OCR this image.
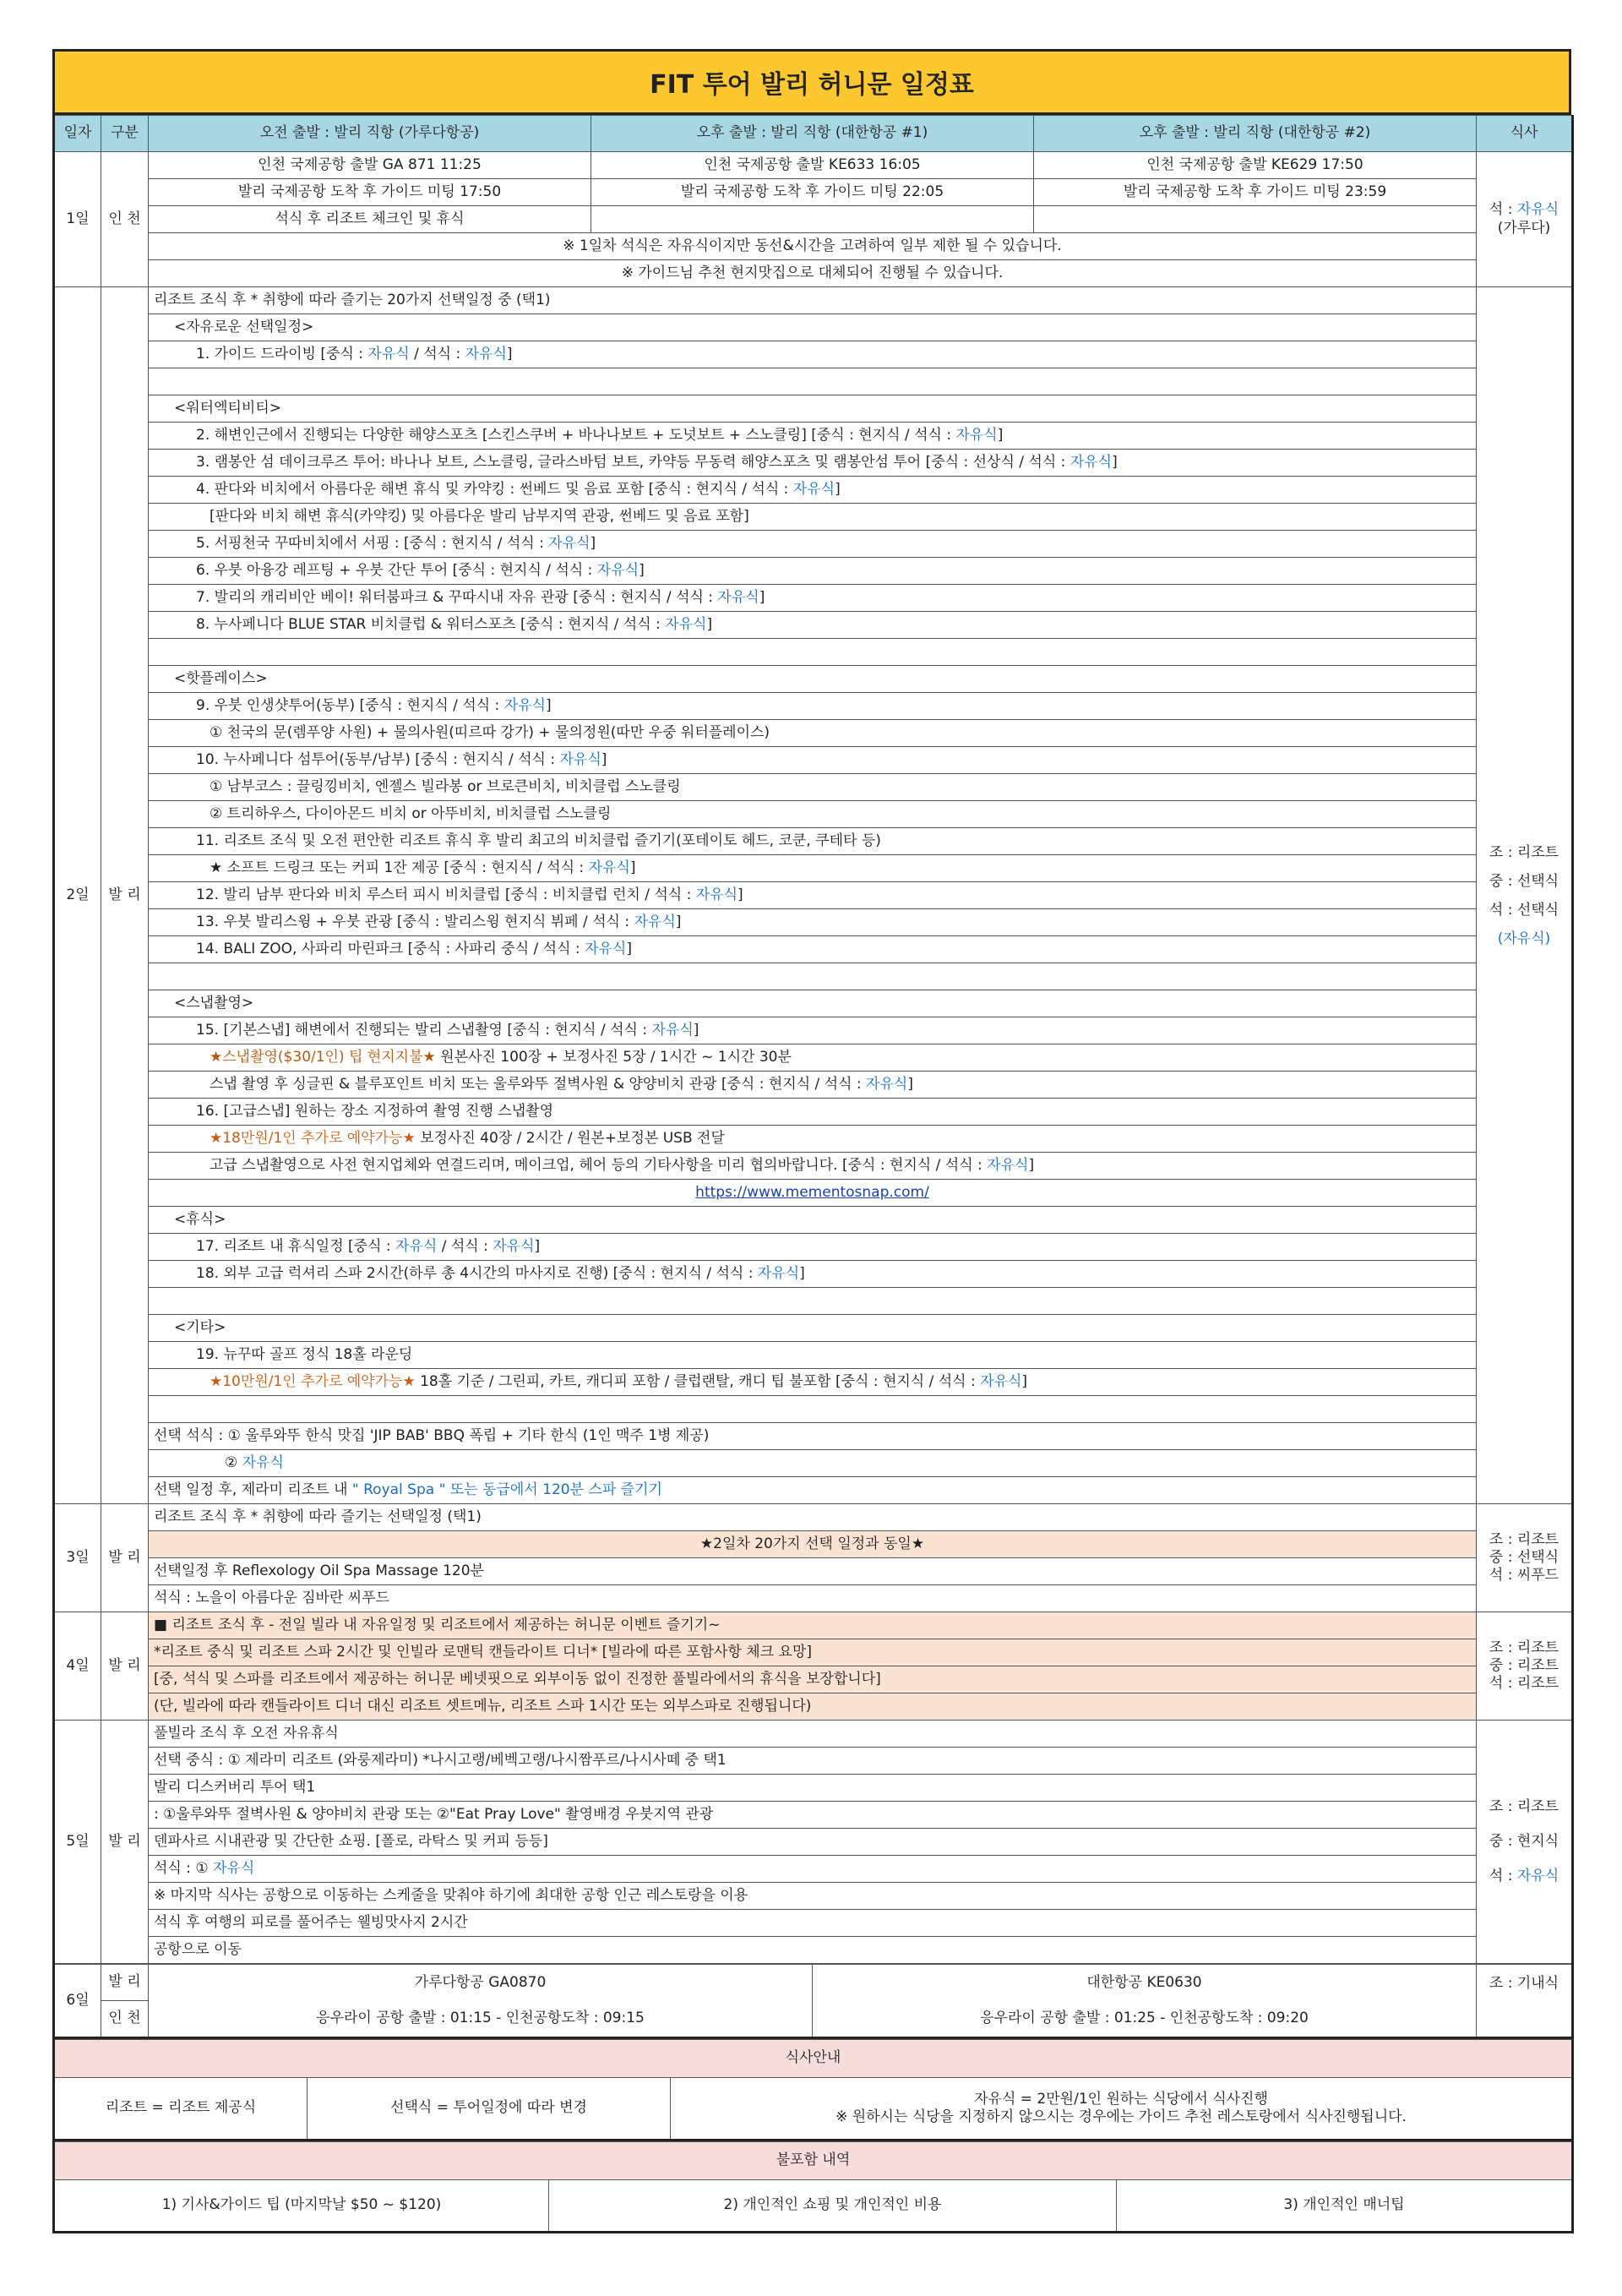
FIT 투어 발리 허니문 일정표
일자	구분	오전 출발 : 발리 직항 (가루다항공)	오후 출발 : 발리 직항 (대한항공 #1)	오후 출발 : 발리 직항 (대한항공 #2)	식사
1일	인 천	인천 국제공항 출발 GA 871 11:25	인천 국제공항 출발 KE633 16:05	인천 국제공항 출발 KE629 17:50	석 : 자유식
(가루다)
		발리 국제공항 도착 후 가이드 미팅 17:50	발리 국제공항 도착 후 가이드 미팅 22:05	발리 국제공항 도착 후 가이드 미팅 23:59	
		석식 후 리조트 체크인 및 휴식			
		※ 1일차 석식은 자유식이지만 동선&시간을 고려하여 일부 제한 될 수 있습니다.			
		※ 가이드님 추천 현지맛집으로 대체되어 진행될 수 있습니다.			
2일	발 리	리조트 조식 후 * 취향에 따라 즐기는 20가지 선택일정 중 (택1)			조 : 리조트
중 : 선택식
석 : 선택식
(자유식)
		<자유로운 선택일정>			
		1. 가이드 드라이빙 [중식 : 자유식 / 석식 : 자유식]			

		<워터엑티비티>			
		2. 해변인근에서 진행되는 다양한 해양스포츠 [스킨스쿠버 + 바나나보트 + 도넛보트 + 스노클링] [중식 : 현지식 / 석식 : 자유식]			
		3. 램봉안 섬 데이크루즈 투어: 바나나 보트, 스노클링, 글라스바텀 보트, 카약등 무동력 해양스포츠 및 램봉안섬 투어 [중식 : 선상식 / 석식 : 자유식]			
		4. 판다와 비치에서 아름다운 해변 휴식 및 카약킹 : 썬베드 및 음료 포함 [중식 : 현지식 / 석식 : 자유식]			
		[판다와 비치 해변 휴식(카약킹) 및 아름다운 발리 남부지역 관광, 썬베드 및 음료 포함]			
		5. 서핑천국 꾸따비치에서 서핑 : [중식 : 현지식 / 석식 : 자유식]			
		6. 우붓 아융강 레프팅 + 우붓 간단 투어 [중식 : 현지식 / 석식 : 자유식]			
		7. 발리의 캐리비안 베이! 워터붐파크 & 꾸따시내 자유 관광 [중식 : 현지식 / 석식 : 자유식]			
		8. 누사페니다 BLUE STAR 비치클럽 & 워터스포츠 [중식 : 현지식 / 석식 : 자유식]			

		<핫플레이스>			
		9. 우붓 인생샷투어(동부) [중식 : 현지식 / 석식 : 자유식]			
		① 천국의 문(렘푸양 사원) + 물의사원(띠르따 강가) + 물의정원(따만 우중 워터플레이스)			
		10. 누사페니다 섬투어(동부/남부) [중식 : 현지식 / 석식 : 자유식]			
		① 남부코스 : 끌링낑비치, 엔젤스 빌라봉 or 브로큰비치, 비치클럽 스노클링			
		② 트리하우스, 다이아몬드 비치 or 아뚜비치, 비치클럽 스노클링			
		11. 리조트 조식 및 오전 편안한 리조트 휴식 후 발리 최고의 비치클럽 즐기기(포테이토 헤드, 코쿤, 쿠테타 등)			
		★ 소프트 드링크 또는 커피 1잔 제공 [중식 : 현지식 / 석식 : 자유식]			
		12. 발리 남부 판다와 비치 루스터 피시 비치클럽 [중식 : 비치클럽 런치 / 석식 : 자유식]			
		13. 우붓 발리스윙 + 우붓 관광 [중식 : 발리스윙 현지식 뷔페 / 석식 : 자유식]			
		14. BALI ZOO, 사파리 마린파크 [중식 : 사파리 중식 / 석식 : 자유식]			

		<스냅촬영>			
		15. [기본스냅] 해변에서 진행되는 발리 스냅촬영 [중식 : 현지식 / 석식 : 자유식]			
		★스냅촬영($30/1인) 팁 현지지불★ 원본사진 100장 + 보정사진 5장 / 1시간 ~ 1시간 30분			
		스냅 촬영 후 싱글핀 & 블루포인트 비치 또는 울루와뚜 절벽사원 & 양양비치 관광 [중식 : 현지식 / 석식 : 자유식]			
		16. [고급스냅] 원하는 장소 지정하여 촬영 진행 스냅촬영			
		★18만원/1인 추가로 예약가능★ 보정사진 40장 / 2시간 / 원본+보정본 USB 전달			
		고급 스냅촬영으로 사전 현지업체와 연결드리며, 메이크업, 헤어 등의 기타사항을 미리 협의바랍니다. [중식 : 현지식 / 석식 : 자유식]			
		https://www.mementosnap.com/			
		<휴식>			
		17. 리조트 내 휴식일정 [중식 : 자유식 / 석식 : 자유식]			
		18. 외부 고급 럭셔리 스파 2시간(하루 총 4시간의 마사지로 진행) [중식 : 현지식 / 석식 : 자유식]			

		<기타>			
		19. 뉴꾸따 골프 정식 18홀 라운딩			
		★10만원/1인 추가로 예약가능★ 18홀 기준 / 그린피, 카트, 캐디피 포함 / 클럽랜탈, 캐디 팁 불포함 [중식 : 현지식 / 석식 : 자유식]			

		선택 석식 : ① 울루와뚜 한식 맛집 'JIP BAB' BBQ 폭립 + 기타 한식 (1인 맥주 1병 제공)			
		② 자유식			
		선택 일정 후, 제라미 리조트 내 " Royal Spa " 또는 동급에서 120분 스파 즐기기			
3일	발 리	리조트 조식 후 * 취향에 따라 즐기는 선택일정 (택1)			조 : 리조트
중 : 선택식
석 : 씨푸드
		★2일차 20가지 선택 일정과 동일★			
		선택일정 후 Reflexology Oil Spa Massage 120분			
		석식 : 노을이 아름다운 짐바란 씨푸드			
4일	발 리	■ 리조트 조식 후 - 전일 빌라 내 자유일정 및 리조트에서 제공하는 허니문 이벤트 즐기기~			조 : 리조트
중 : 리조트
석 : 리조트
		*리조트 중식 및 리조트 스파 2시간 및 인빌라 로맨틱 캔들라이트 디너* [빌라에 따른 포함사항 체크 요망]			
		[중, 석식 및 스파를 리조트에서 제공하는 허니문 베넷핏으로 외부이동 없이 진정한 풀빌라에서의 휴식을 보장합니다]			
		(단, 빌라에 따라 캔들라이트 디너 대신 리조트 셋트메뉴, 리조트 스파 1시간 또는 외부스파로 진행됩니다)			
5일	발 리	풀빌라 조식 후 오전 자유휴식			조 : 리조트
중 : 현지식
석 : 자유식
		선택 중식 : ① 제라미 리조트 (와룽제라미) *나시고랭/베벡고랭/나시짬푸르/나시사떼 중 택1			
		발리 디스커버리 투어 택1			
		: ①울루와뚜 절벽사원 & 양야비치 관광 또는 ②"Eat Pray Love" 촬영배경 우붓지역 관광			
		덴파사르 시내관광 및 간단한 쇼핑. [폴로, 라탁스 및 커피 등등]			
		석식 : ① 자유식			
		※ 마지막 식사는 공항으로 이동하는 스케줄을 맞춰야 하기에 최대한 공항 인근 레스토랑을 이용			
		석식 후 여행의 피로를 풀어주는 웰빙맛사지 2시간			
		공항으로 이동			
6일	발 리	가루다항공 GA0870	대한항공 KE0630	조 : 기내식
	인 천	응우라이 공항 출발 : 01:15 - 인천공항도착 : 09:15	응우라이 공항 출발 : 01:25 - 인천공항도착 : 09:20	
식사안내
리조트 = 리조트 제공식	선택식 = 투어일정에 따라 변경	자유식 = 2만원/1인 원하는 식당에서 식사진행
※ 원하시는 식당을 지정하지 않으시는 경우에는 가이드 추천 레스토랑에서 식사진행됩니다.
불포함 내역
1) 기사&가이드 팁 (마지막날 $50 ~ $120)	2) 개인적인 쇼핑 및 개인적인 비용	3) 개인적인 매너팁
